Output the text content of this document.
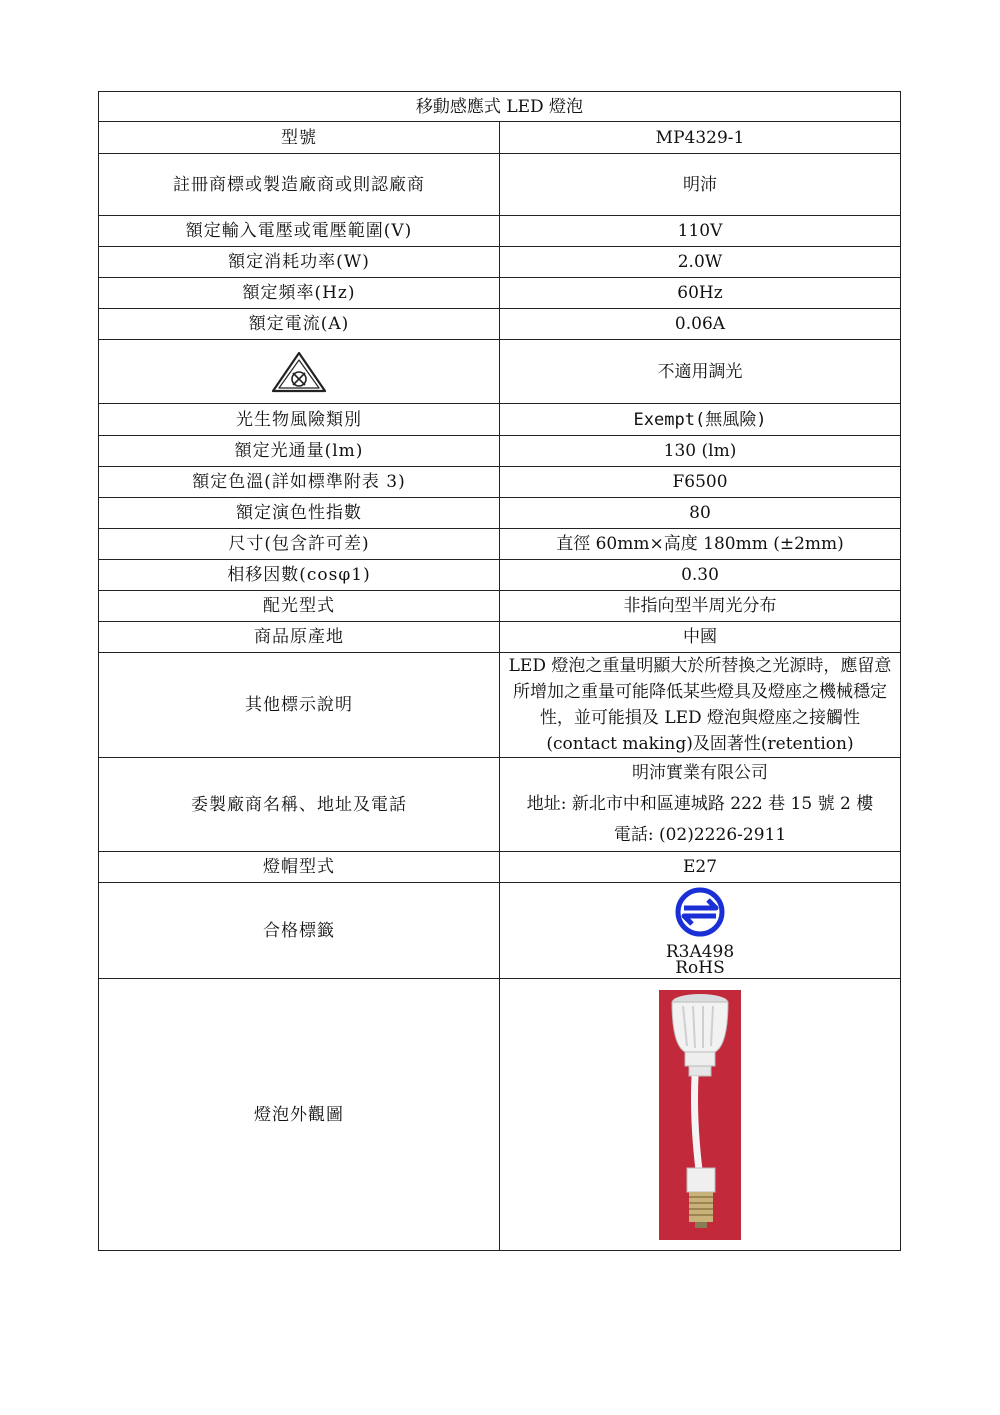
移動感應式 LED 燈泡	
型號	MP4329-1
註冊商標或製造廠商或則認廠商	明沛
額定輸入電壓或電壓範圍(V)	110V
額定消耗功率(W)	2.0W
額定頻率(Hz)	60Hz
額定電流(A)	0.06A

	不適用調光
光生物風險類別	Exempt(無風險)
額定光通量(lm)	130 (lm)
額定色溫(詳如標準附表 3)	F6500
額定演色性指數	80
尺寸(包含許可差)	直徑 60mm×高度 180mm (±2mm)
相移因數(cosφ1)	0.30
配光型式	非指向型半周光分布
商品原產地	中國
其他標示說明	LED 燈泡之重量明顯大於所替換之光源時，應留意所增加之重量可能降低某些燈具及燈座之機械穩定性，並可能損及 LED 燈泡與燈座之接觸性(contact making)及固著性(retention)
委製廠商名稱、地址及電話	明沛實業有限公司
地址: 新北市中和區連城路 222 巷 15 號 2 樓
電話: (02)2226-2911

燈帽型式	E27
合格標籤	R3A498
RoHS

燈泡外觀圖	
